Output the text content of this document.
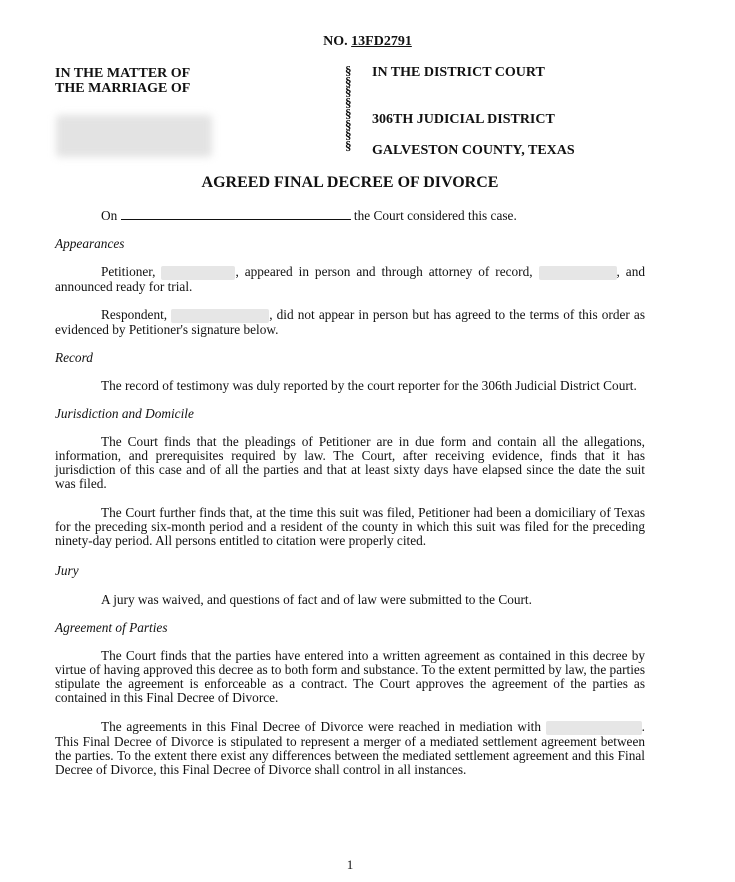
NO. 13FD2791
IN THE MATTER OF
THE MARRIAGE OF
§
§
§
§
§
§
§
§
IN THE DISTRICT COURT
306TH JUDICIAL DISTRICT
GALVESTON COUNTY, TEXAS
AGREED FINAL DECREE OF DIVORCE
On	the Court considered this case.
Appearances
Petitioner,	, appeared in person and through attorney of record,	, and announced ready for trial.
Respondent,	, did not appear in person but has agreed to the terms of this order as evidenced by Petitioner's signature below.
Record
The record of testimony was duly reported by the court reporter for the 306th Judicial District Court.
Jurisdiction and Domicile
The Court finds that the pleadings of Petitioner are in due form and contain all the allegations, information, and prerequisites required by law. The Court, after receiving evidence, finds that it has jurisdiction of this case and of all the parties and that at least sixty days have elapsed since the date the suit was filed.
The Court further finds that, at the time this suit was filed, Petitioner had been a domiciliary of Texas for the preceding six-month period and a resident of the county in which this suit was filed for the preceding ninety-day period. All persons entitled to citation were properly cited.
Jury
A jury was waived, and questions of fact and of law were submitted to the Court.
Agreement of Parties
The Court finds that the parties have entered into a written agreement as contained in this decree by virtue of having approved this decree as to both form and substance. To the extent permitted by law, the parties stipulate the agreement is enforceable as a contract. The Court approves the agreement of the parties as contained in this Final Decree of Divorce.
The agreements in this Final Decree of Divorce were reached in mediation with	. This Final Decree of Divorce is stipulated to represent a merger of a mediated settlement agreement between the parties. To the extent there exist any differences between the mediated settlement agreement and this Final Decree of Divorce, this Final Decree of Divorce shall control in all instances.
1
